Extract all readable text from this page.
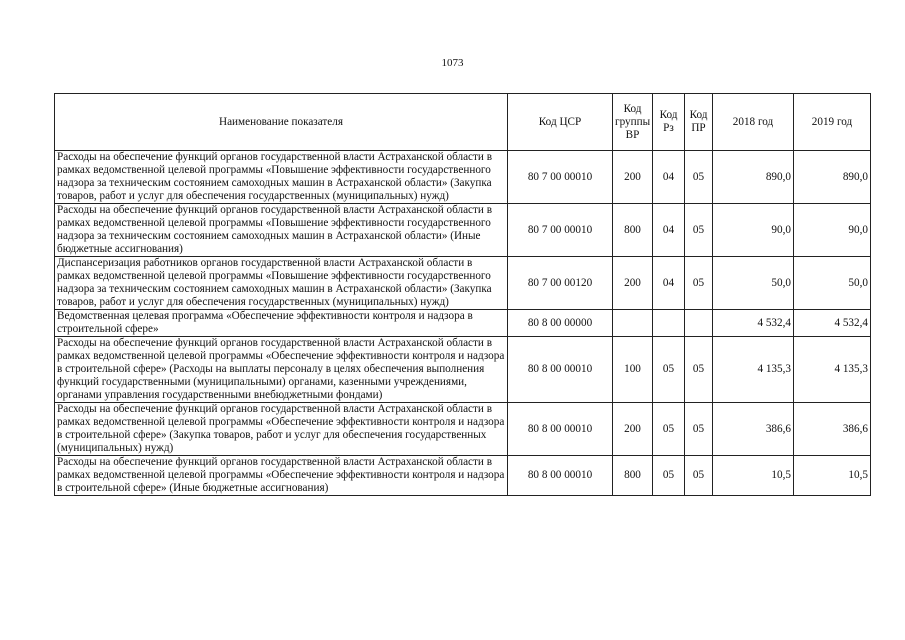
1073
Наименование показателя	Код ЦСР	Код группы ВР	Код Рз	Код ПР	2018 год	2019 год
Расходы на обеспечение функций органов государственной власти Астраханской области в рамках ведомственной целевой программы «Повышение эффективности государственного надзора за техническим состоянием самоходных машин в Астраханской области» (Закупка товаров, работ и услуг для обеспечения государственных (муниципальных) нужд)	80 7 00 00010	200	04	05	890,0	890,0
Расходы на обеспечение функций органов государственной власти Астраханской области в рамках ведомственной целевой программы «Повышение эффективности государственного надзора за техническим состоянием самоходных машин в Астраханской области» (Иные бюджетные ассигнования)	80 7 00 00010	800	04	05	90,0	90,0
Диспансеризация работников органов государственной власти Астраханской области в рамках ведомственной целевой программы «Повышение эффективности государственного надзора за техническим состоянием самоходных машин в Астраханской области» (Закупка товаров, работ и услуг для обеспечения государственных (муниципальных) нужд)	80 7 00 00120	200	04	05	50,0	50,0
Ведомственная целевая программа «Обеспечение эффективности контроля и надзора в строительной сфере»	80 8 00 00000				4 532,4	4 532,4
Расходы на обеспечение функций органов государственной власти Астраханской области в рамках ведомственной целевой программы «Обеспечение эффективности контроля и надзора в строительной сфере» (Расходы на выплаты персоналу в целях обеспечения выполнения функций государственными (муниципальными) органами, казенными учреждениями, органами управления государственными внебюджетными фондами)	80 8 00 00010	100	05	05	4 135,3	4 135,3
Расходы на обеспечение функций органов государственной власти Астраханской области в рамках ведомственной целевой программы «Обеспечение эффективности контроля и надзора в строительной сфере» (Закупка товаров, работ и услуг для обеспечения государственных (муниципальных) нужд)	80 8 00 00010	200	05	05	386,6	386,6
Расходы на обеспечение функций органов государственной власти Астраханской области в рамках ведомственной целевой программы «Обеспечение эффективности контроля и надзора в строительной сфере» (Иные бюджетные ассигнования)	80 8 00 00010	800	05	05	10,5	10,5
